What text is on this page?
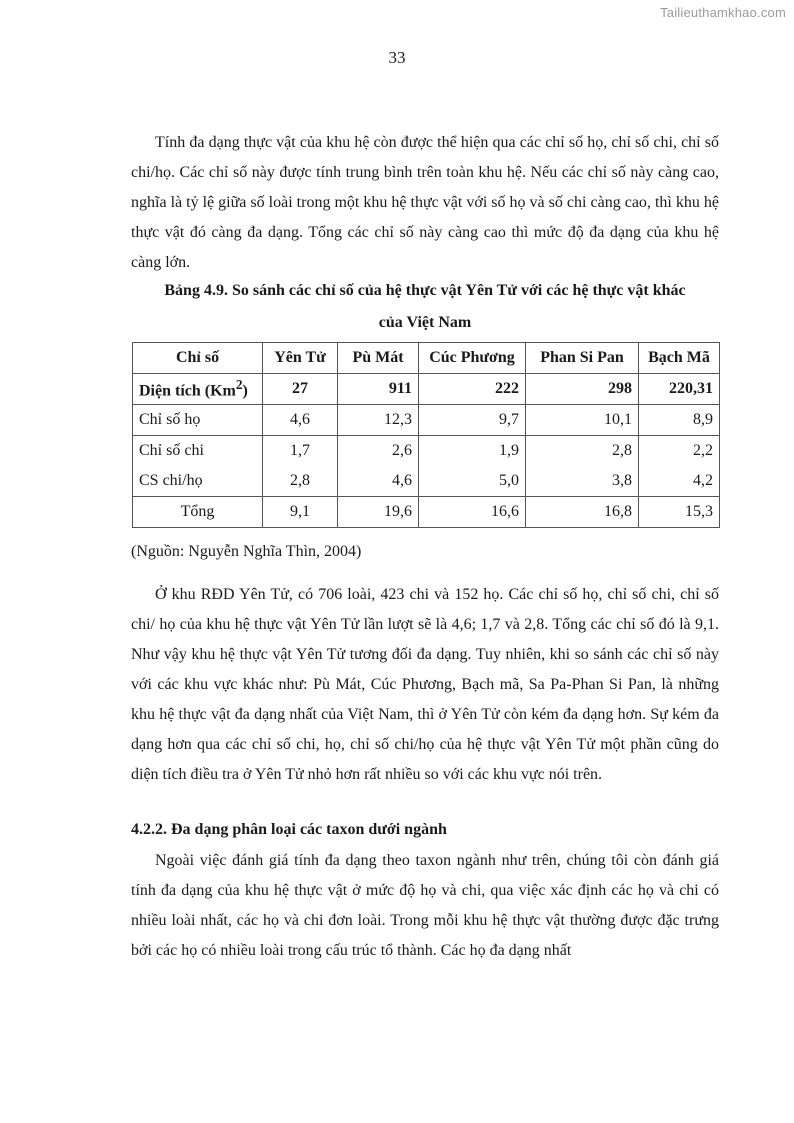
Tailieuthamkhao.com
33

Tính đa dạng thực vật của khu hệ còn được thể hiện qua các chỉ số họ, chỉ số chi, chỉ số chi/họ. Các chỉ số này được tính trung bình trên toàn khu hệ. Nếu các chỉ số này càng cao, nghĩa là tỷ lệ giữa số loài trong một khu hệ thực vật với số họ và số chi càng cao, thì khu hệ thực vật đó càng đa dạng. Tổng các chỉ số này càng cao thì mức độ đa dạng của khu hệ càng lớn.

Bảng 4.9. So sánh các chỉ số của hệ thực vật Yên Tử với các hệ thực vật khác
của Việt Nam
Chỉ số	Yên Tử	Pù Mát	Cúc Phương	Phan Si Pan	Bạch Mã
Diện tích (Km$^2$)	27	911	222	298	220,31
Chỉ số họ	4,6	12,3	9,7	10,1	8,9
Chỉ số chi	1,7	2,6	1,9	2,8	2,2
CS chi/họ	2,8	4,6	5,0	3,8	4,2
Tổng	9,1	19,6	16,6	16,8	15,3
(Nguồn: Nguyễn Nghĩa Thìn, 2004)

Ở khu RĐD Yên Tử, có 706 loài, 423 chi và 152 họ. Các chỉ số họ, chỉ số chi, chỉ số chi/ họ của khu hệ thực vật Yên Tử lần lượt sẽ là 4,6; 1,7 và 2,8. Tổng các chỉ số đó là 9,1. Như vậy khu hệ thực vật Yên Tử tương đối đa dạng. Tuy nhiên, khi so sánh các chỉ số này với các khu vực khác như: Pù Mát, Cúc Phương, Bạch mã, Sa Pa-Phan Si Pan, là những khu hệ thực vật đa dạng nhất của Việt Nam, thì ở Yên Tử còn kém đa dạng hơn. Sự kém đa dạng hơn qua các chỉ số chi, họ, chỉ số chi/họ của hệ thực vật Yên Tử một phần cũng do diện tích điều tra ở Yên Tử nhỏ hơn rất nhiều so với các khu vực nói trên.

4.2.2. Đa dạng phân loại các taxon dưới ngành

Ngoài việc đánh giá tính đa dạng theo taxon ngành như trên, chúng tôi còn đánh giá tính đa dạng của khu hệ thực vật ở mức độ họ và chi, qua việc xác định các họ và chi có nhiều loài nhất, các họ và chi đơn loài. Trong mỗi khu hệ thực vật thường được đặc trưng bởi các họ có nhiều loài trong cấu trúc tổ thành. Các họ đa dạng nhất
